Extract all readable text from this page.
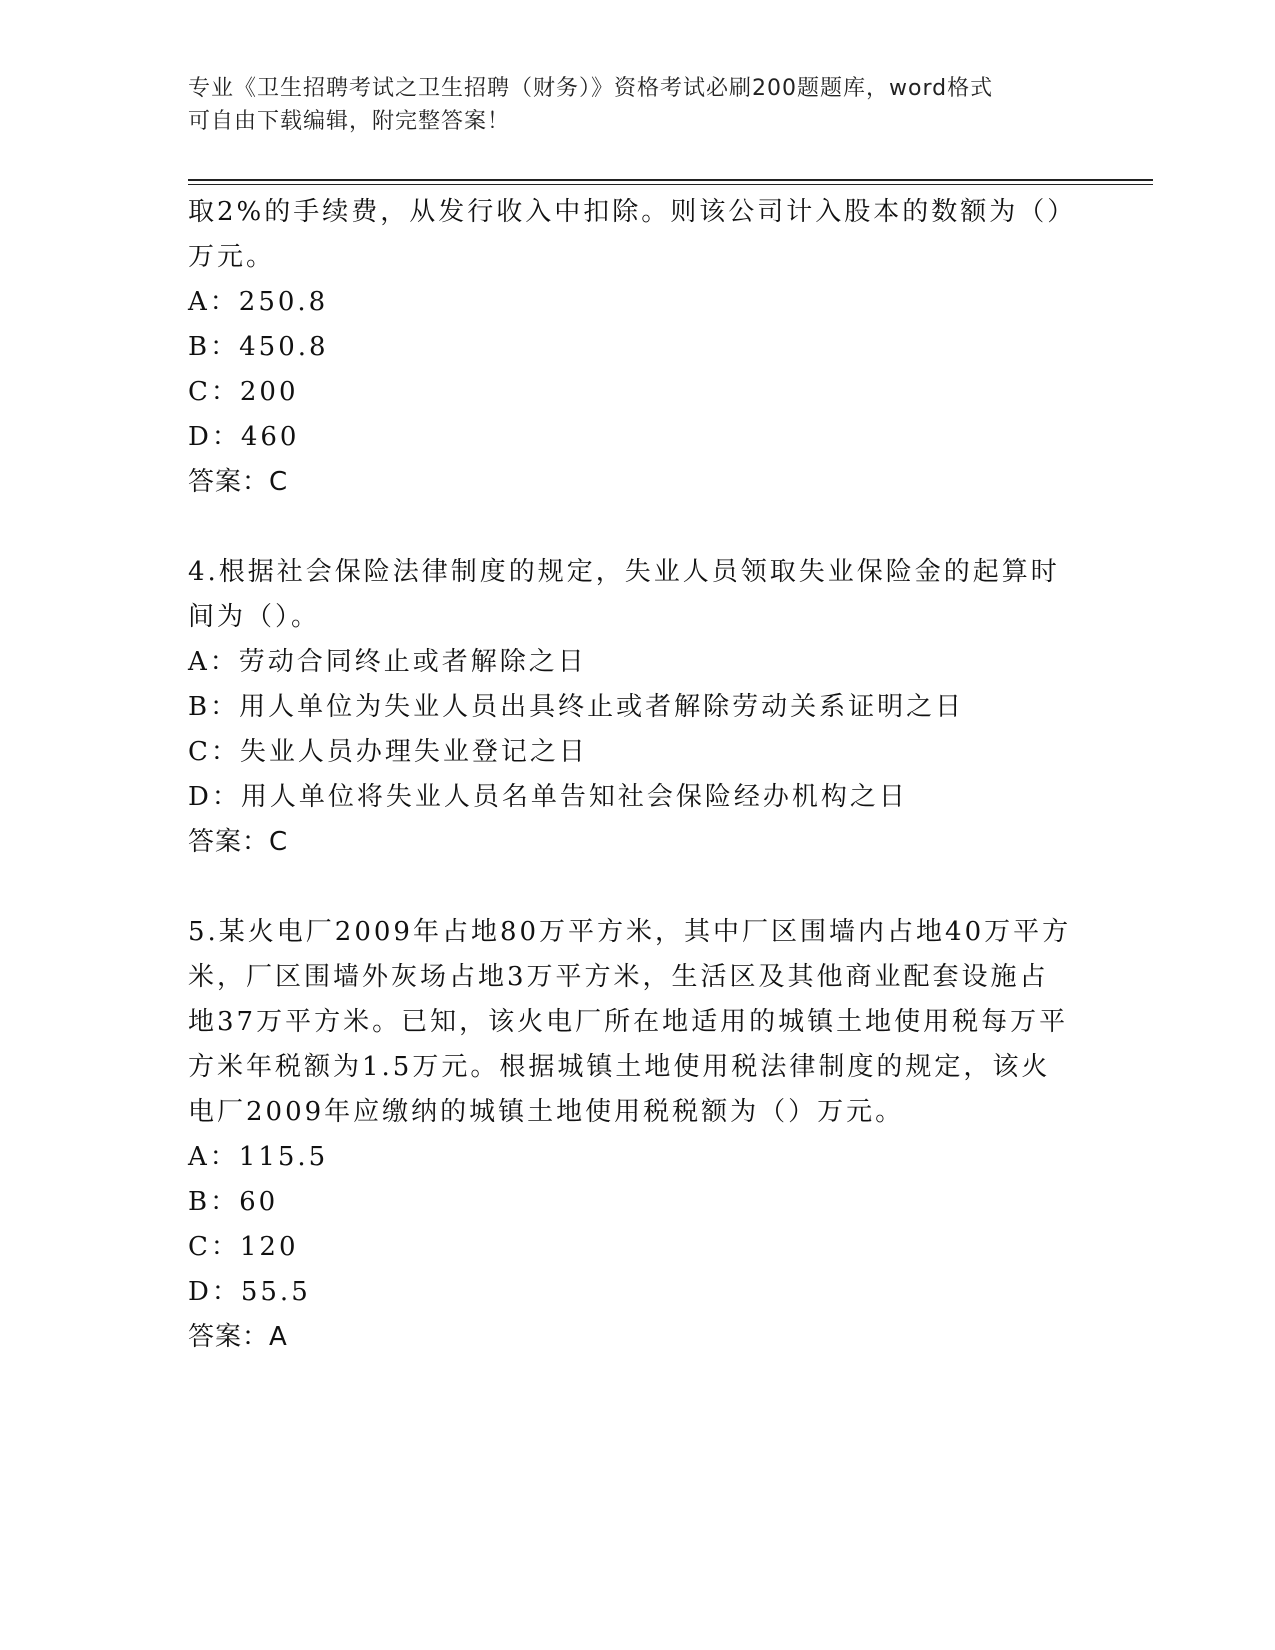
专业《卫生招聘考试之卫生招聘（财务）》资格考试必刷200题题库，word格式
可自由下载编辑，附完整答案！
取2%的手续费，从发行收入中扣除。则该公司计入股本的数额为（）
万元。
A：250.8
B：450.8
C：200
D：460
答案：C
4.根据社会保险法律制度的规定，失业人员领取失业保险金的起算时
间为（）。
A：劳动合同终止或者解除之日
B：用人单位为失业人员出具终止或者解除劳动关系证明之日
C：失业人员办理失业登记之日
D：用人单位将失业人员名单告知社会保险经办机构之日
答案：C
5.某火电厂2009年占地80万平方米，其中厂区围墙内占地40万平方
米，厂区围墙外灰场占地3万平方米，生活区及其他商业配套设施占
地37万平方米。已知，该火电厂所在地适用的城镇土地使用税每万平
方米年税额为1.5万元。根据城镇土地使用税法律制度的规定，该火
电厂2009年应缴纳的城镇土地使用税税额为（）万元。
A：115.5
B：60
C：120
D：55.5
答案：A
